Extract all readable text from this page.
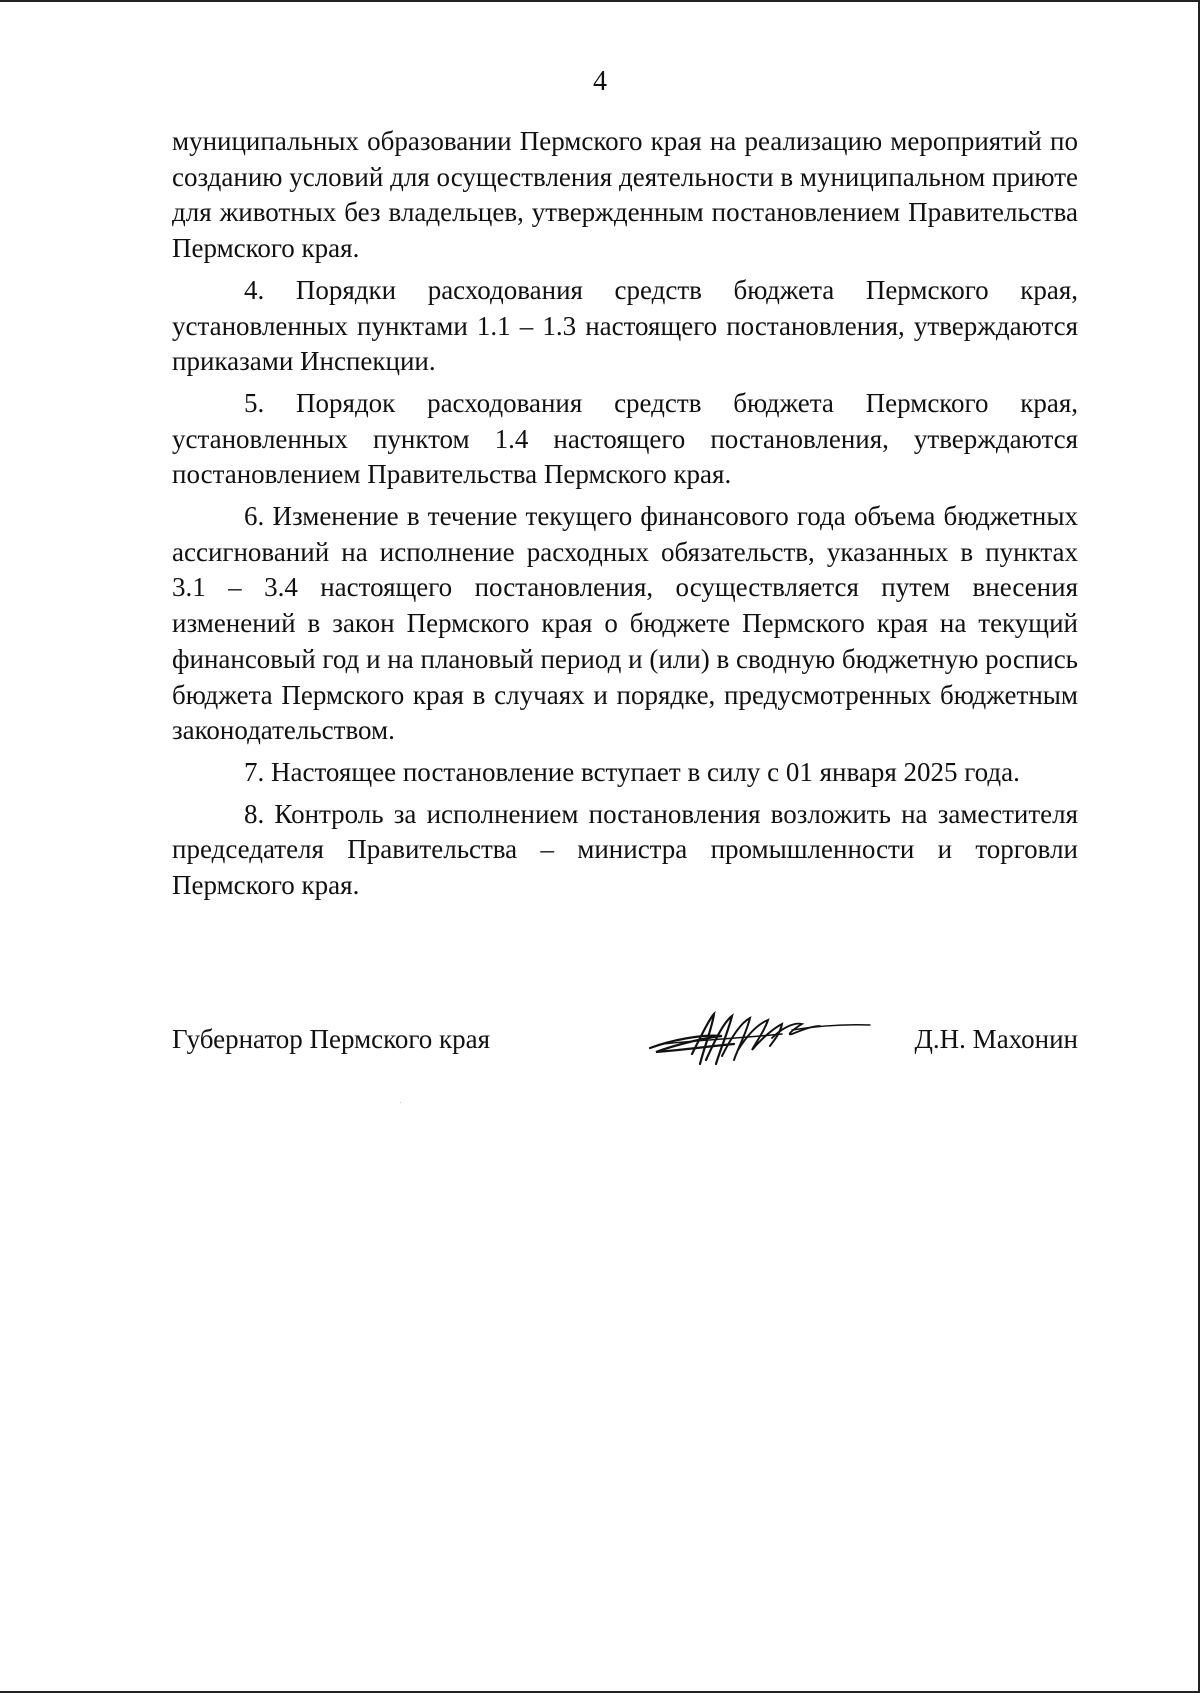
4

муниципальных образовании Пермского края на реализацию мероприятий по созданию условий для осуществления деятельности в муниципальном приюте для животных без владельцев, утвержденным постановлением Правительства Пермского края.

4. Порядки расходования средств бюджета Пермского края, установленных пунктами 1.1 – 1.3 настоящего постановления, утверждаются приказами Инспекции.

5. Порядок расходования средств бюджета Пермского края, установленных пунктом 1.4 настоящего постановления, утверждаются постановлением Правительства Пермского края.

6. Изменение в течение текущего финансового года объема бюджетных ассигнований на исполнение расходных обязательств, указанных в пунктах 3.1 – 3.4 настоящего постановления, осуществляется путем внесения изменений в закон Пермского края о бюджете Пермского края на текущий финансовый год и на плановый период и (или) в сводную бюджетную роспись бюджета Пермского края в случаях и порядке, предусмотренных бюджетным законодательством.

7. Настоящее постановление вступает в силу с 01 января 2025 года.

8. Контроль за исполнением постановления возложить на заместителя председателя Правительства – министра промышленности и торговли Пермского края.

Губернатор Пермского края	Д.Н. Махонин
